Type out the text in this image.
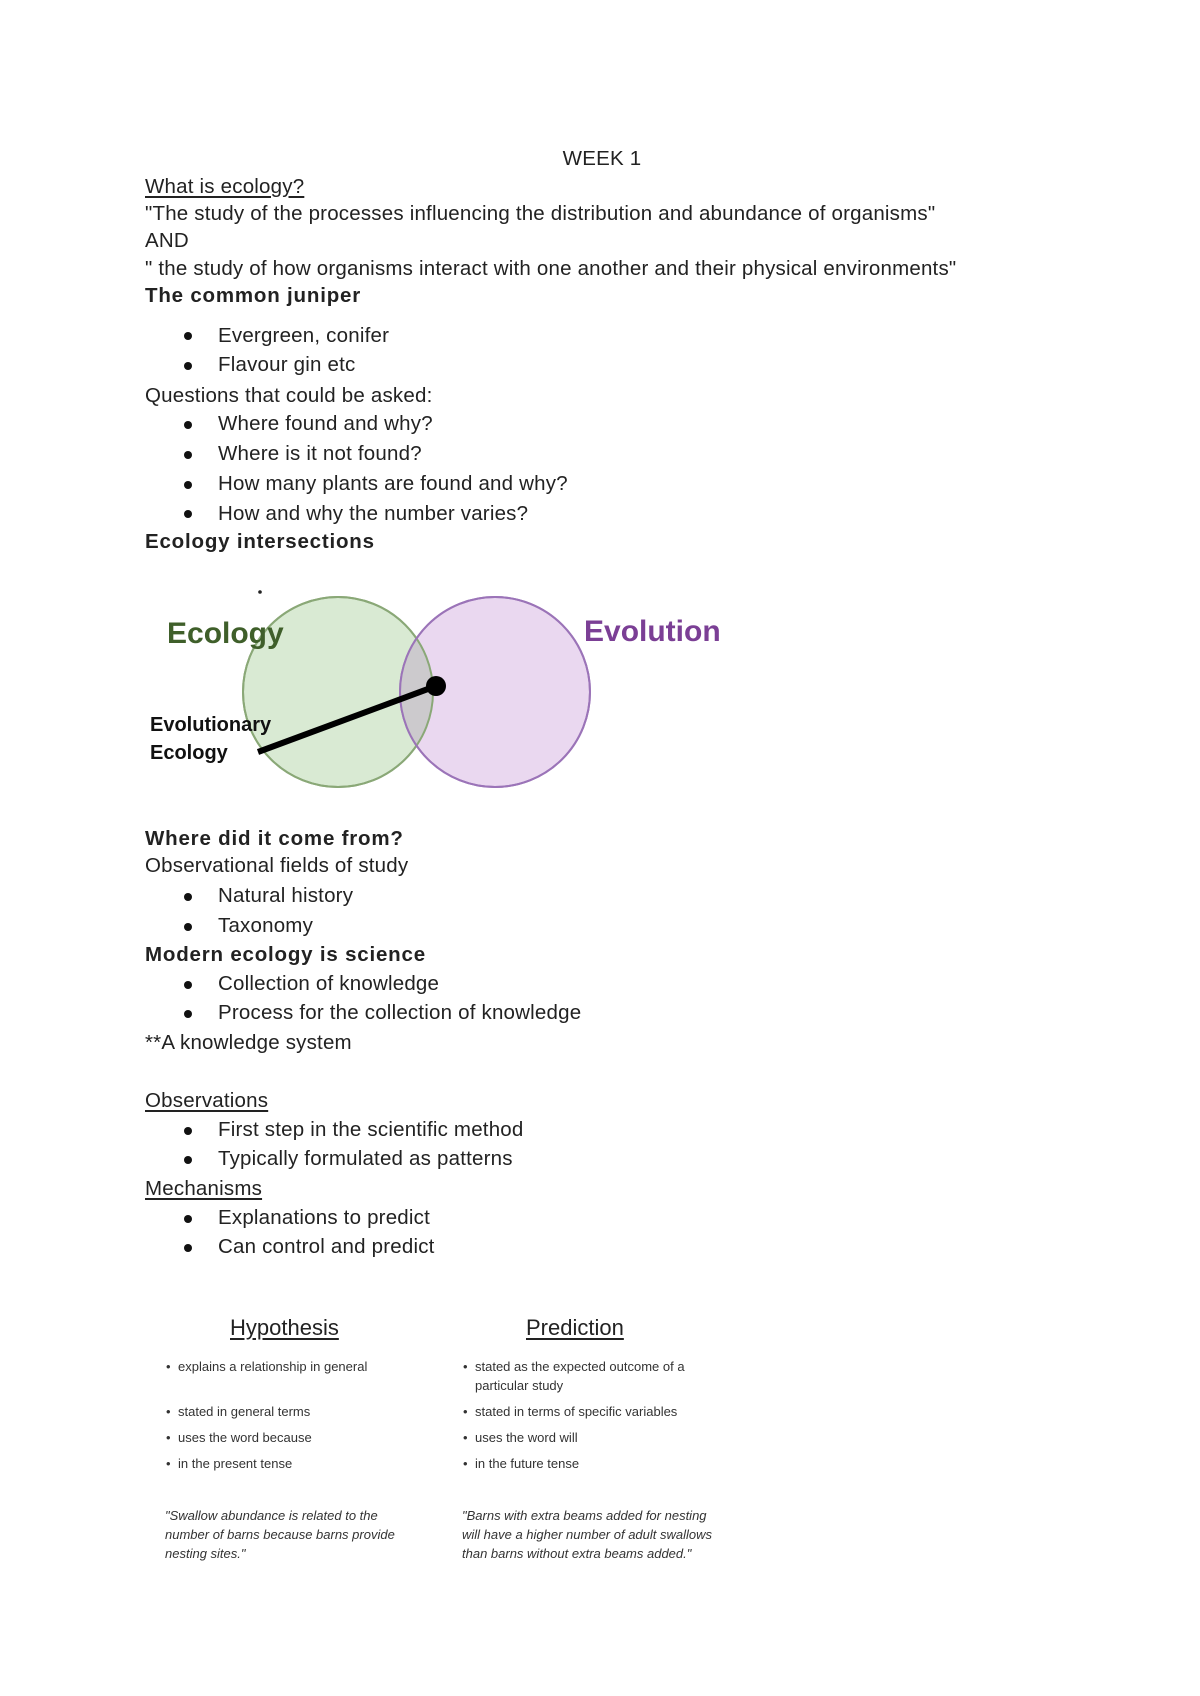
WEEK 1
What is ecology?
"The study of the processes influencing the distribution and abundance of organisms"
AND
" the study of how organisms interact with one another and their physical environments"
The common juniper
Evergreen, conifer
Flavour gin etc
Questions that could be asked:
Where found and why?
Where is it not found?
How many plants are found and why?
How and why the number varies?
Ecology intersections
Ecology	Evolution
Evolutionary
Ecology
Where did it come from?
Observational fields of study
Natural history
Taxonomy
Modern ecology is science
Collection of knowledge
Process for the collection of knowledge
**A knowledge system
Observations
First step in the scientific method
Typically formulated as patterns
Mechanisms
Explanations to predict
Can control and predict
Hypothesis	Prediction
• explains a relationship in general
• stated in general terms
• uses the word because
• in the present tense
• stated as the expected outcome of a
particular study
• stated in terms of specific variables
• uses the word will
• in the future tense
"Swallow abundance is related to the
number of barns because barns provide
nesting sites."
"Barns with extra beams added for nesting
will have a higher number of adult swallows
than barns without extra beams added."
